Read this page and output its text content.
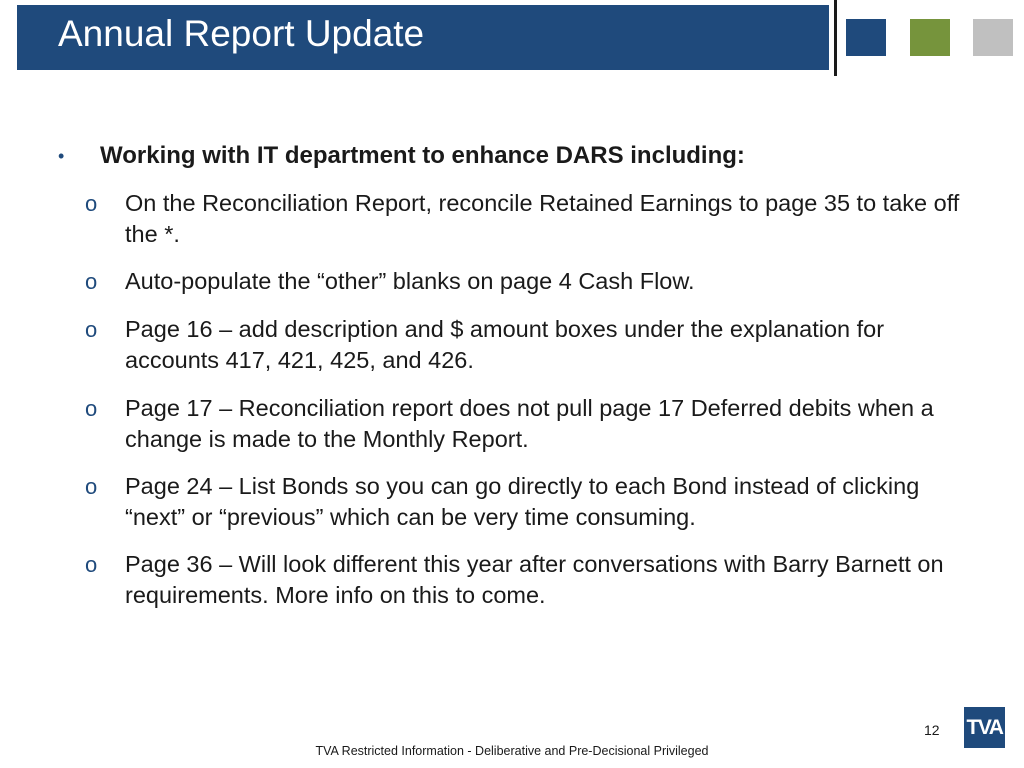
Annual Report Update
• Working with IT department to enhance DARS including:
o On the Reconciliation Report, reconcile Retained Earnings to page 35 to take off the *.
o Auto-populate the “other” blanks on page 4 Cash Flow.
o Page 16 – add description and $ amount boxes under the explanation for accounts 417, 421, 425, and 426.
o Page 17 – Reconciliation report does not pull page 17 Deferred debits when a change is made to the Monthly Report.
o Page 24 – List Bonds so you can go directly to each Bond instead of clicking “next” or “previous” which can be very time consuming.
o Page 36 – Will look different this year after conversations with Barry Barnett on requirements. More info on this to come.
12 TVA
TVA Restricted Information - Deliberative and Pre-Decisional Privileged
